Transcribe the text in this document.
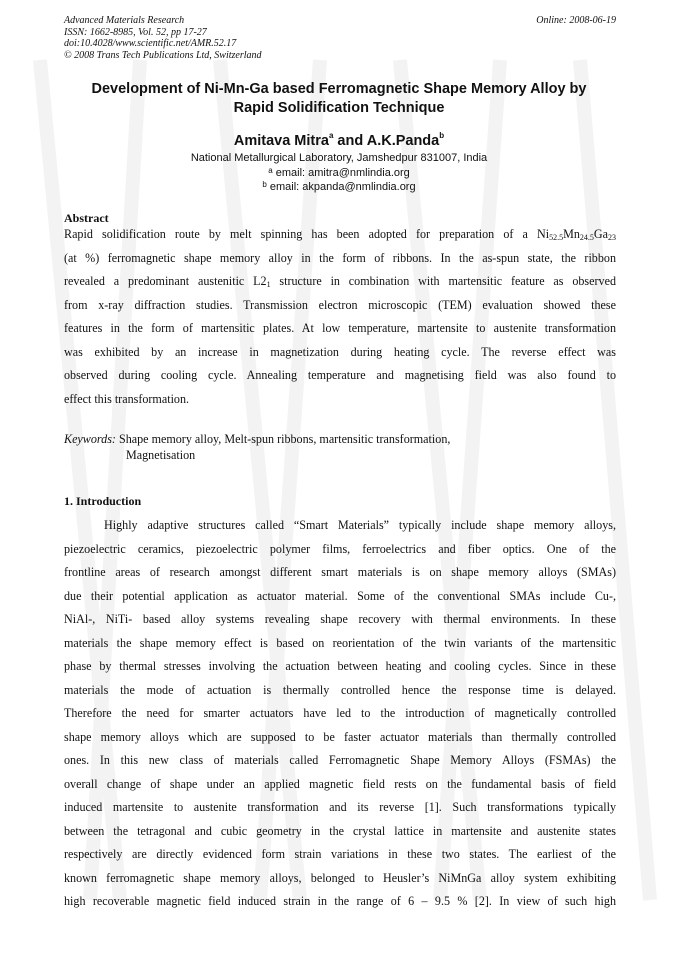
Advanced Materials Research
ISSN: 1662-8985, Vol. 52, pp 17-27
doi:10.4028/www.scientific.net/AMR.52.17
© 2008 Trans Tech Publications Ltd, Switzerland
Online: 2008-06-19
Development of Ni-Mn-Ga based Ferromagnetic Shape Memory Alloy by
Rapid Solidification Technique
Amitava Mitra$^a$ and A.K.Panda$^b$
National Metallurgical Laboratory, Jamshedpur 831007, India
$^a$ email: amitra@nmlindia.org
$^b$ email: akpanda@nmlindia.org
Abstract
Rapid solidification route by melt spinning has been adopted for preparation of a $Ni_{52.5}Mn_{24.5}Ga_{23}$
(at %) ferromagnetic shape memory alloy in the form of ribbons. In the as-spun state, the ribbon
revealed a predominant austenitic $L2_1$ structure in combination with martensitic feature as observed
from x-ray diffraction studies. Transmission electron microscopic (TEM) evaluation showed these
features in the form of martensitic plates. At low temperature, martensite to austenite transformation
was exhibited by an increase in magnetization during heating cycle. The reverse effect was
observed during cooling cycle. Annealing temperature and magnetising field was also found to
effect this transformation.
Keywords: Shape memory alloy, Melt-spun ribbons, martensitic transformation,
Magnetisation
1. Introduction
Highly adaptive structures called “Smart Materials” typically include shape memory alloys,
piezoelectric ceramics, piezoelectric polymer films, ferroelectrics and fiber optics. One of the
frontline areas of research amongst different smart materials is on shape memory alloys (SMAs)
due their potential application as actuator material. Some of the conventional SMAs include Cu-,
NiAl-, NiTi- based alloy systems revealing shape recovery with thermal environments. In these
materials the shape memory effect is based on reorientation of the twin variants of the martensitic
phase by thermal stresses involving the actuation between heating and cooling cycles. Since in these
materials the mode of actuation is thermally controlled hence the response time is delayed.
Therefore the need for smarter actuators have led to the introduction of magnetically controlled
shape memory alloys which are supposed to be faster actuator materials than thermally controlled
ones. In this new class of materials called Ferromagnetic Shape Memory Alloys (FSMAs) the
overall change of shape under an applied magnetic field rests on the fundamental basis of field
induced martensite to austenite transformation and its reverse [1]. Such transformations typically
between the tetragonal and cubic geometry in the crystal lattice in martensite and austenite states
respectively are directly evidenced form strain variations in these two states. The earliest of the
known ferromagnetic shape memory alloys, belonged to Heusler’s NiMnGa alloy system exhibiting
high recoverable magnetic field induced strain in the range of 6 – 9.5 % [2]. In view of such high
